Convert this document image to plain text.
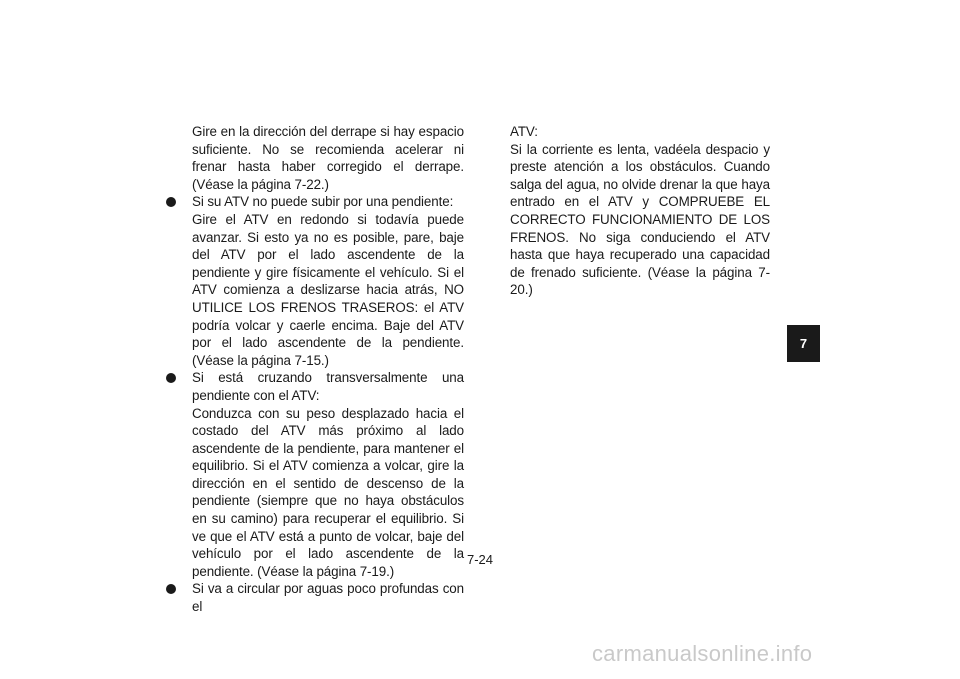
Gire en la dirección del derrape si hay espacio suficiente. No se recomienda acelerar ni frenar hasta haber corregido el derrape. (Véase la página 7-22.)

Si su ATV no puede subir por una pendiente:

Gire el ATV en redondo si todavía puede avanzar. Si esto ya no es posible, pare, baje del ATV por el lado ascendente de la pendiente y gire físicamente el vehículo. Si el ATV comienza a deslizarse hacia atrás, NO UTILICE LOS FRENOS TRASEROS: el ATV podría volcar y caerle encima. Baje del ATV por el lado ascendente de la pendiente. (Véase la página 7-15.)

Si está cruzando transversalmente una pendiente con el ATV:

Conduzca con su peso desplazado hacia el costado del ATV más próximo al lado ascendente de la pendiente, para mantener el equilibrio. Si el ATV comienza a volcar, gire la dirección en el sentido de descenso de la pendiente (siempre que no haya obstáculos en su camino) para recuperar el equilibrio. Si ve que el ATV está a punto de volcar, baje del vehículo por el lado ascendente de la pendiente. (Véase la página 7-19.)

Si va a circular por aguas poco profundas con el

ATV:

Si la corriente es lenta, vadéela despacio y preste atención a los obstáculos. Cuando salga del agua, no olvide drenar la que haya entrado en el ATV y COMPRUEBE EL CORRECTO FUNCIONAMIENTO DE LOS FRENOS. No siga conduciendo el ATV hasta que haya recuperado una capacidad de frenado suficiente. (Véase la página 7-20.)

7-24
7
carmanualsonline.info
